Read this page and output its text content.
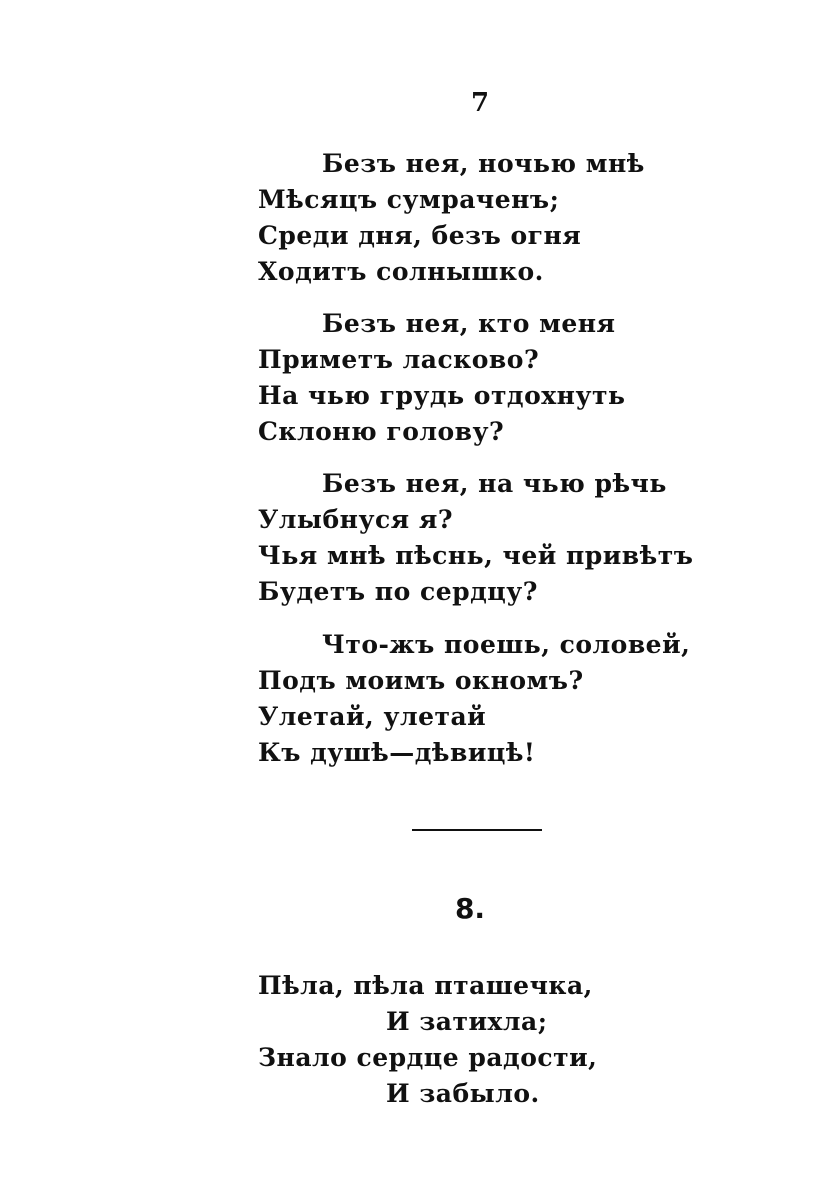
7
Безъ нея, ночью мнѣ
Мѣсяцъ сумраченъ;
Среди дня, безъ огня
Ходитъ солнышко.
Безъ нея, кто меня
Приметъ ласково?
На чью грудь отдохнуть
Склоню голову?
Безъ нея, на чью рѣчь
Улыбнуся я?
Чья мнѣ пѣснь, чей привѣтъ
Будетъ по сердцу?
Что-жъ поешь, соловей,
Подъ моимъ окномъ?
Улетай, улетай
Къ душѣ—дѣвицѣ!
8.
Пѣла, пѣла пташечка,
И затихла;
Знало сердце радости,
И забыло.
